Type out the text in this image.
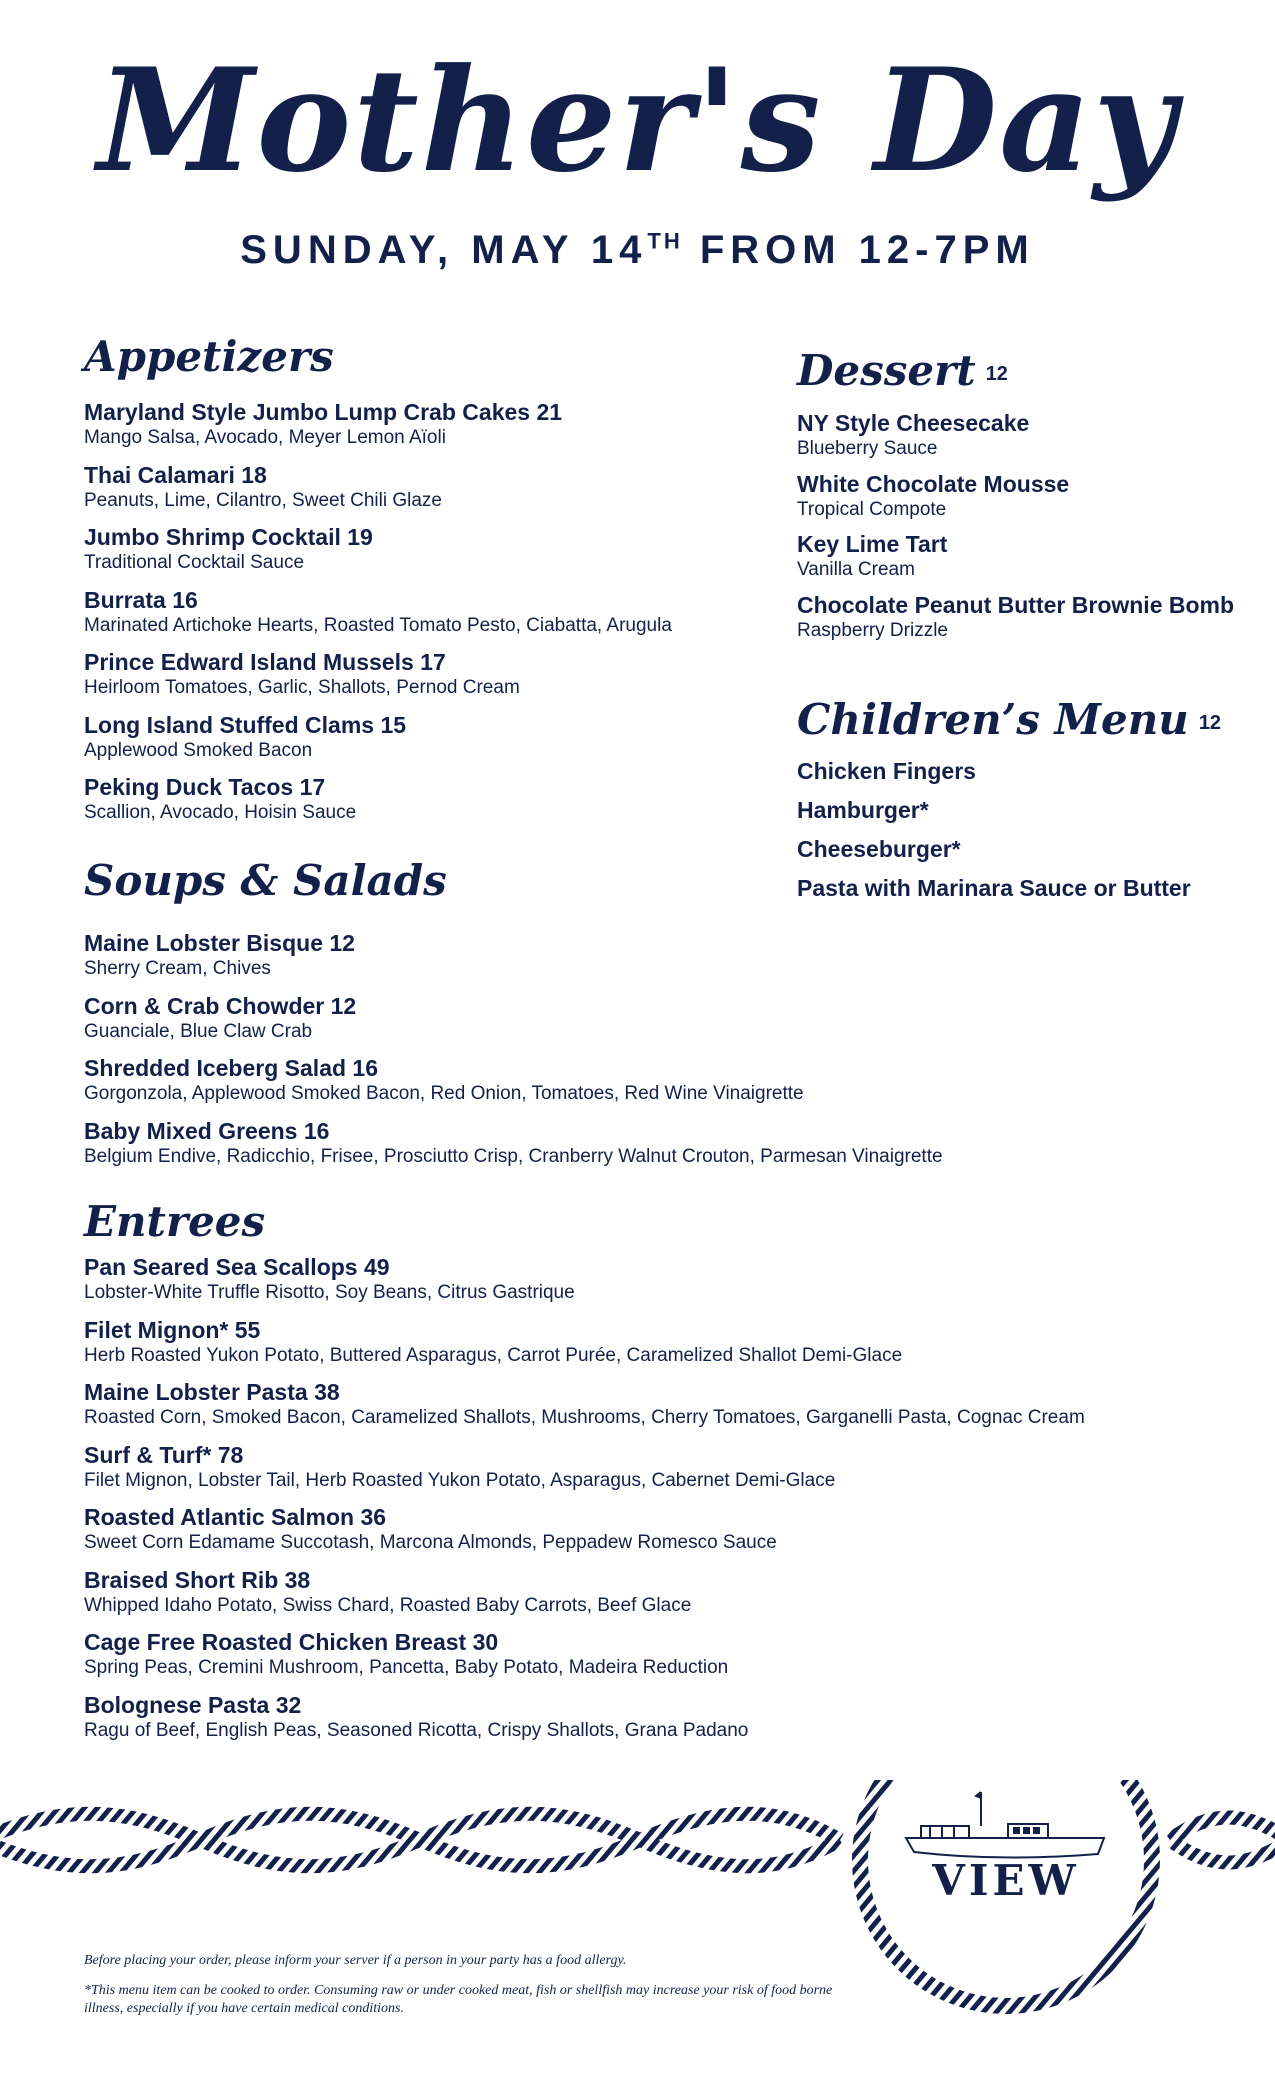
Mother's Day
SUNDAY, MAY 14TH FROM 12-7PM
Appetizers
Maryland Style Jumbo Lump Crab Cakes 21
Mango Salsa, Avocado, Meyer Lemon Aïoli
Thai Calamari 18
Peanuts, Lime, Cilantro, Sweet Chili Glaze
Jumbo Shrimp Cocktail 19
Traditional Cocktail Sauce
Burrata 16
Marinated Artichoke Hearts, Roasted Tomato Pesto, Ciabatta, Arugula
Prince Edward Island Mussels 17
Heirloom Tomatoes, Garlic, Shallots, Pernod Cream
Long Island Stuffed Clams 15
Applewood Smoked Bacon
Peking Duck Tacos 17
Scallion, Avocado, Hoisin Sauce
Soups & Salads
Maine Lobster Bisque 12
Sherry Cream, Chives
Corn & Crab Chowder 12
Guanciale, Blue Claw Crab
Shredded Iceberg Salad 16
Gorgonzola, Applewood Smoked Bacon, Red Onion, Tomatoes, Red Wine Vinaigrette
Baby Mixed Greens 16
Belgium Endive, Radicchio, Frisee, Prosciutto Crisp, Cranberry Walnut Crouton, Parmesan Vinaigrette
Entrees
Pan Seared Sea Scallops 49
Lobster-White Truffle Risotto, Soy Beans, Citrus Gastrique
Filet Mignon* 55
Herb Roasted Yukon Potato, Buttered Asparagus, Carrot Purée, Caramelized Shallot Demi-Glace
Maine Lobster Pasta 38
Roasted Corn, Smoked Bacon, Caramelized Shallots, Mushrooms, Cherry Tomatoes, Garganelli Pasta, Cognac Cream
Surf & Turf* 78
Filet Mignon, Lobster Tail, Herb Roasted Yukon Potato, Asparagus, Cabernet Demi-Glace
Roasted Atlantic Salmon 36
Sweet Corn Edamame Succotash, Marcona Almonds, Peppadew Romesco Sauce
Braised Short Rib 38
Whipped Idaho Potato, Swiss Chard, Roasted Baby Carrots, Beef Glace
Cage Free Roasted Chicken Breast 30
Spring Peas, Cremini Mushroom, Pancetta, Baby Potato, Madeira Reduction
Bolognese Pasta 32
Ragu of Beef, English Peas, Seasoned Ricotta, Crispy Shallots, Grana Padano
Dessert 12
NY Style Cheesecake
Blueberry Sauce
White Chocolate Mousse
Tropical Compote
Key Lime Tart
Vanilla Cream
Chocolate Peanut Butter Brownie Bomb
Raspberry Drizzle
Children’s Menu 12
Chicken Fingers
Hamburger*
Cheeseburger*
Pasta with Marinara Sauce or Butter
VIEW
Before placing your order, please inform your server if a person in your party has a food allergy.
*This menu item can be cooked to order. Consuming raw or under cooked meat, fish or shellfish may increase your risk of food borne illness, especially if you have certain medical conditions.
